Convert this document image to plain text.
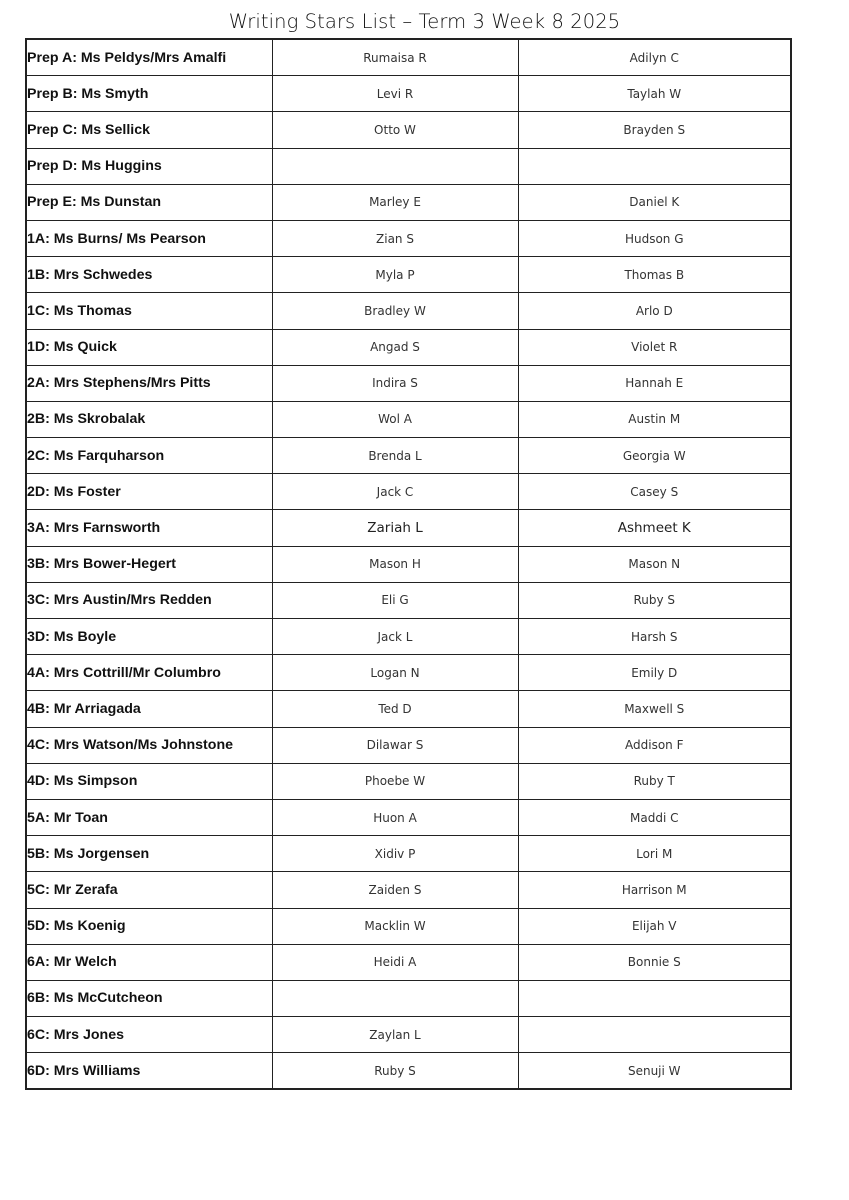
Writing Stars List – Term 3 Week 8 2025
Prep A: Ms Peldys/Mrs Amalfi	Rumaisa R	Adilyn C
Prep B: Ms Smyth	Levi R	Taylah W
Prep C: Ms Sellick	Otto W	Brayden S
Prep D: Ms Huggins		
Prep E: Ms Dunstan	Marley E	Daniel K
1A: Ms Burns/ Ms Pearson	Zian S	Hudson G
1B: Mrs Schwedes	Myla P	Thomas B
1C: Ms Thomas	Bradley W	Arlo D
1D: Ms Quick	Angad S	Violet R
2A: Mrs Stephens/Mrs Pitts	Indira S	Hannah E
2B: Ms Skrobalak	Wol A	Austin M
2C: Ms Farquharson	Brenda L	Georgia W
2D: Ms Foster	Jack C	Casey S
3A: Mrs Farnsworth	Zariah L	Ashmeet K
3B: Mrs Bower-Hegert	Mason H	Mason N
3C: Mrs Austin/Mrs Redden	Eli G	Ruby S
3D: Ms Boyle	Jack L	Harsh S
4A: Mrs Cottrill/Mr Columbro	Logan N	Emily D
4B: Mr Arriagada	Ted D	Maxwell S
4C: Mrs Watson/Ms Johnstone	Dilawar S	Addison F
4D: Ms Simpson	Phoebe W	Ruby T
5A: Mr Toan	Huon A	Maddi C
5B: Ms Jorgensen	Xidiv P	Lori M
5C: Mr Zerafa	Zaiden S	Harrison M
5D: Ms Koenig	Macklin W	Elijah V
6A: Mr Welch	Heidi A	Bonnie S
6B: Ms McCutcheon		
6C: Mrs Jones	Zaylan L	
6D: Mrs Williams	Ruby S	Senuji W
